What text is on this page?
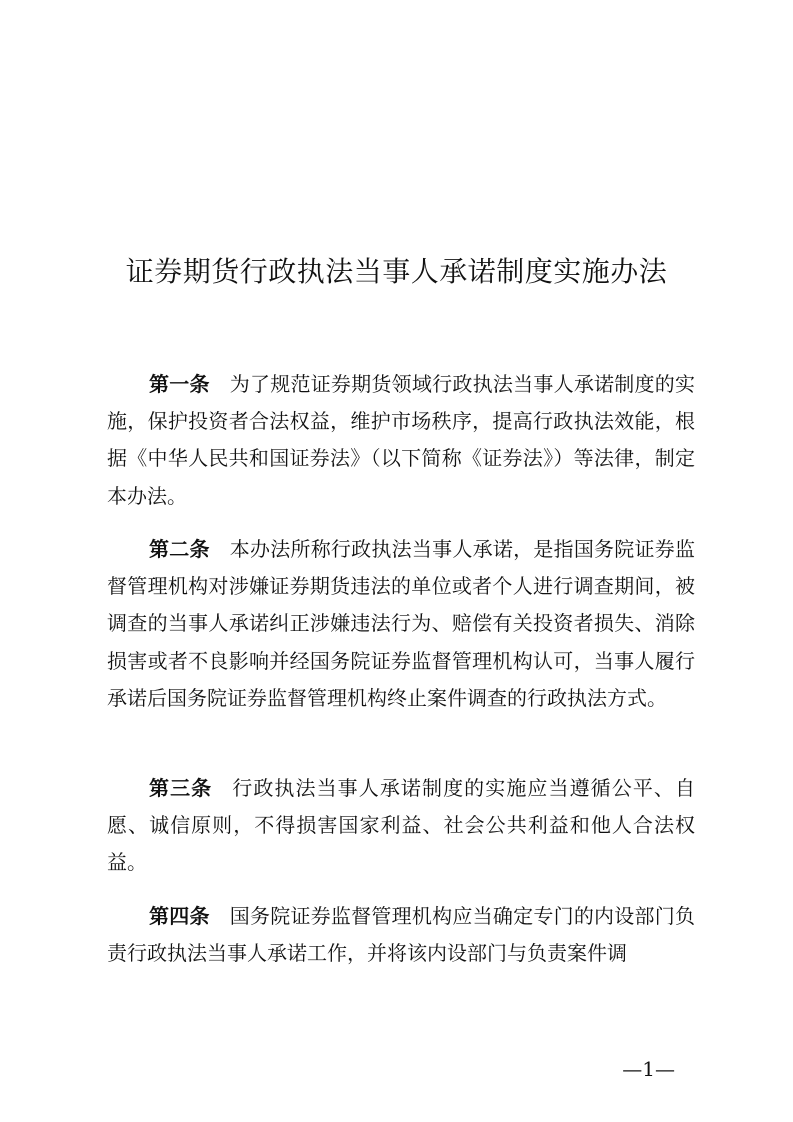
证券期货行政执法当事人承诺制度实施办法
第一条 为了规范证券期货领域行政执法当事人承诺制度的实施，保护投资者合法权益，维护市场秩序，提高行政执法效能，根据《中华人民共和国证券法》（以下简称《证券法》）等法律，制定本办法。
第二条 本办法所称行政执法当事人承诺，是指国务院证券监督管理机构对涉嫌证券期货违法的单位或者个人进行调查期间，被调查的当事人承诺纠正涉嫌违法行为、赔偿有关投资者损失、消除损害或者不良影响并经国务院证券监督管理机构认可，当事人履行承诺后国务院证券监督管理机构终止案件调查的行政执法方式。
第三条 行政执法当事人承诺制度的实施应当遵循公平、自愿、诚信原则，不得损害国家利益、社会公共利益和他人合法权益。
第四条 国务院证券监督管理机构应当确定专门的内设部门负责行政执法当事人承诺工作，并将该内设部门与负责案件调
—1—
